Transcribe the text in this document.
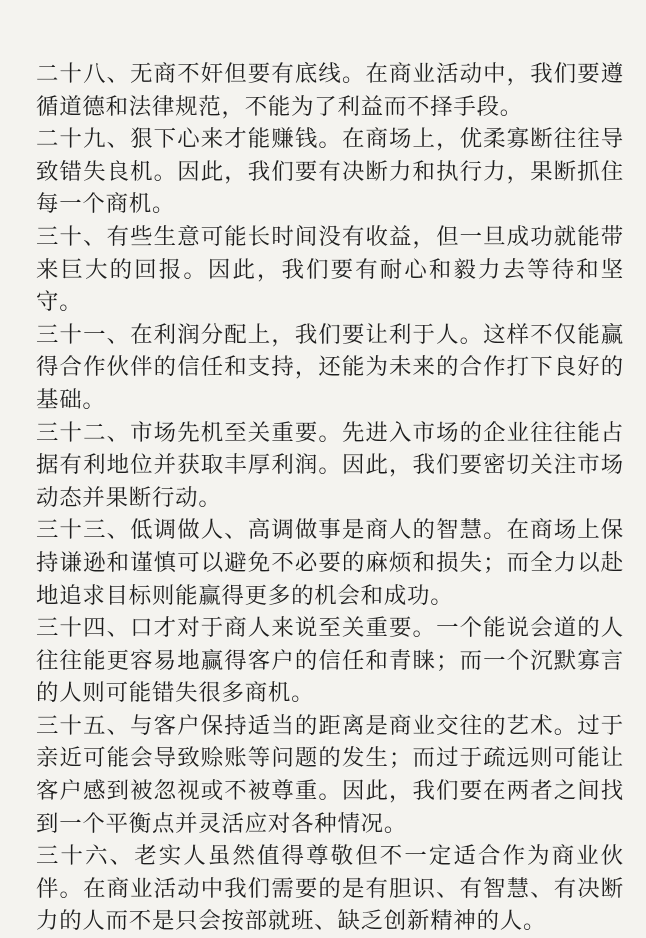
二十八、无商不奸但要有底线。在商业活动中，我们要遵循道德和法律规范，不能为了利益而不择手段。

二十九、狠下心来才能赚钱。在商场上，优柔寡断往往导致错失良机。因此，我们要有决断力和执行力，果断抓住每一个商机。

三十、有些生意可能长时间没有收益，但一旦成功就能带来巨大的回报。因此，我们要有耐心和毅力去等待和坚守。

三十一、在利润分配上，我们要让利于人。这样不仅能赢得合作伙伴的信任和支持，还能为未来的合作打下良好的基础。

三十二、市场先机至关重要。先进入市场的企业往往能占据有利地位并获取丰厚利润。因此，我们要密切关注市场动态并果断行动。

三十三、低调做人、高调做事是商人的智慧。在商场上保持谦逊和谨慎可以避免不必要的麻烦和损失；而全力以赴地追求目标则能赢得更多的机会和成功。

三十四、口才对于商人来说至关重要。一个能说会道的人往往能更容易地赢得客户的信任和青睐；而一个沉默寡言的人则可能错失很多商机。

三十五、与客户保持适当的距离是商业交往的艺术。过于亲近可能会导致赊账等问题的发生；而过于疏远则可能让客户感到被忽视或不被尊重。因此，我们要在两者之间找到一个平衡点并灵活应对各种情况。

三十六、老实人虽然值得尊敬但不一定适合作为商业伙伴。在商业活动中我们需要的是有胆识、有智慧、有决断力的人而不是只会按部就班、缺乏创新精神的人。
